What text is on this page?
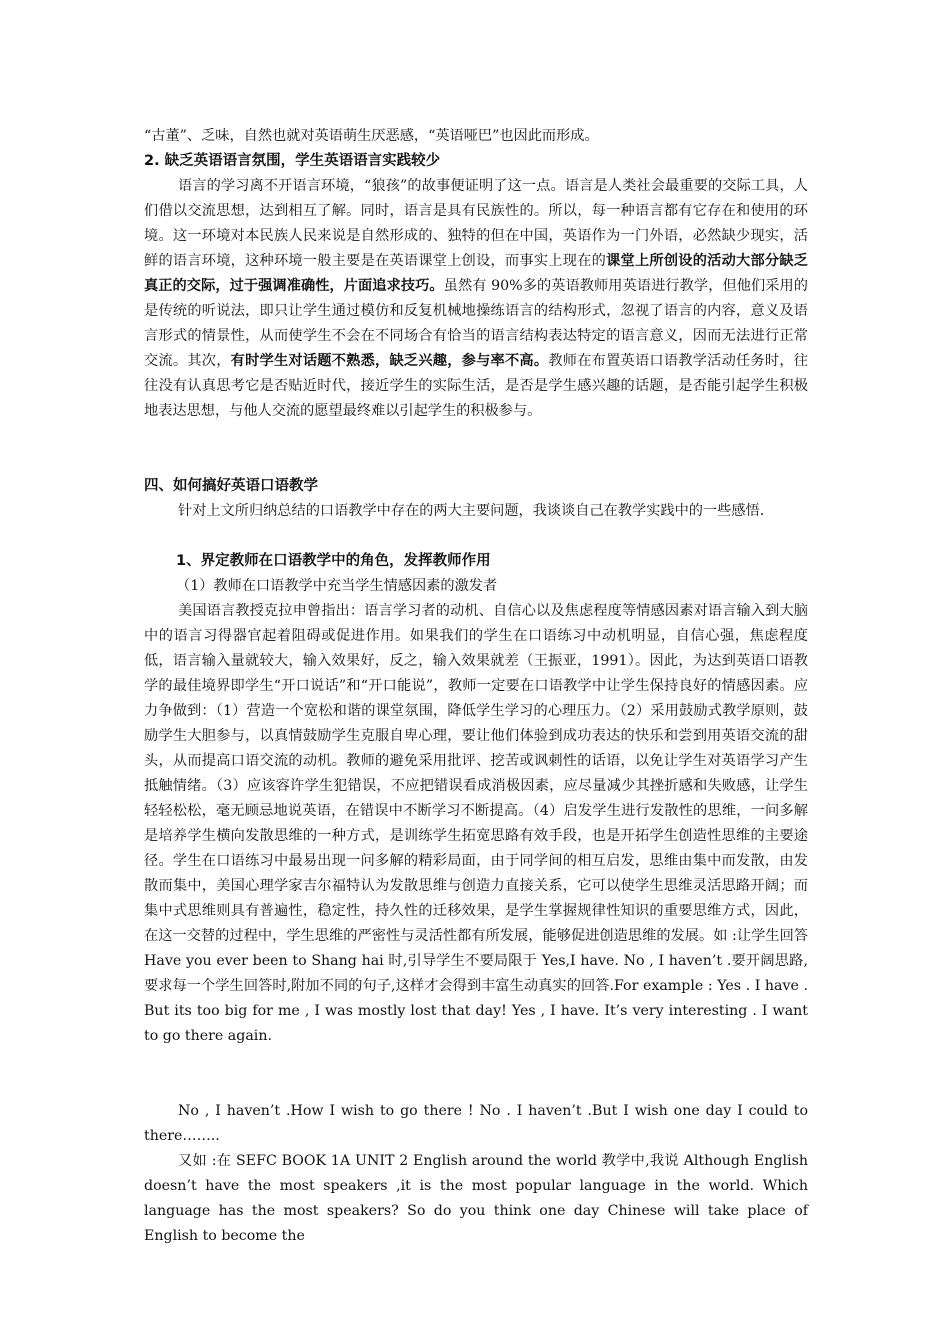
“古董”、乏味，自然也就对英语萌生厌恶感，“英语哑巴”也因此而形成。

2. 缺乏英语语言氛围，学生英语语言实践较少

语言的学习离不开语言环境，“狼孩”的故事便证明了这一点。语言是人类社会最重要的交际工具，人们借以交流思想，达到相互了解。同时，语言是具有民族性的。所以，每一种语言都有它存在和使用的环境。这一环境对本民族人民来说是自然形成的、独特的但在中国，英语作为一门外语，必然缺少现实，活鲜的语言环境，这种环境一般主要是在英语课堂上创设，而事实上现在的课堂上所创设的活动大部分缺乏真正的交际，过于强调准确性，片面追求技巧。虽然有 90%多的英语教师用英语进行教学，但他们采用的是传统的听说法，即只让学生通过模仿和反复机械地操练语言的结构形式，忽视了语言的内容，意义及语言形式的情景性，从而使学生不会在不同场合有恰当的语言结构表达特定的语言意义，因而无法进行正常交流。其次，有时学生对话题不熟悉，缺乏兴趣，参与率不高。教师在布置英语口语教学活动任务时，往往没有认真思考它是否贴近时代，接近学生的实际生活，是否是学生感兴趣的话题，是否能引起学生积极地表达思想，与他人交流的愿望最终难以引起学生的积极参与。

四、如何搞好英语口语教学

针对上文所归纳总结的口语教学中存在的两大主要问题，我谈谈自己在教学实践中的一些感悟.

1、界定教师在口语教学中的角色，发挥教师作用

（1）教师在口语教学中充当学生情感因素的激发者

美国语言教授克拉申曾指出：语言学习者的动机、自信心以及焦虑程度等情感因素对语言输入到大脑中的语言习得器官起着阻碍或促进作用。如果我们的学生在口语练习中动机明显，自信心强，焦虑程度低，语言输入量就较大，输入效果好，反之，输入效果就差（王振亚，1991）。因此，为达到英语口语教学的最佳境界即学生“开口说话”和“开口能说”，教师一定要在口语教学中让学生保持良好的情感因素。应力争做到：（1）营造一个宽松和谐的课堂氛围，降低学生学习的心理压力。（2）采用鼓励式教学原则，鼓励学生大胆参与，以真情鼓励学生克服自卑心理，要让他们体验到成功表达的快乐和尝到用英语交流的甜头，从而提高口语交流的动机。教师的避免采用批评、挖苦或讽刺性的话语，以免让学生对英语学习产生抵触情绪。（3）应该容许学生犯错误，不应把错误看成消极因素，应尽量减少其挫折感和失败感，让学生轻轻松松，毫无顾忌地说英语，在错误中不断学习不断提高。（4）启发学生进行发散性的思维，一问多解是培养学生横向发散思维的一种方式，是训练学生拓宽思路有效手段，也是开拓学生创造性思维的主要途径。学生在口语练习中最易出现一问多解的精彩局面，由于同学间的相互启发，思维由集中而发散，由发散而集中，美国心理学家吉尔福特认为发散思维与创造力直接关系，它可以使学生思维灵活思路开阔；而集中式思维则具有普遍性，稳定性，持久性的迁移效果，是学生掌握规律性知识的重要思维方式，因此，在这一交替的过程中，学生思维的严密性与灵活性都有所发展，能够促进创造思维的发展。如 :让学生回答 Have you ever been to Shang hai 时,引导学生不要局限于 Yes,I have. No , I haven’t .要开阔思路,要求每一个学生回答时,附加不同的句子,这样才会得到丰富生动真实的回答.For example : Yes . I have . But its too big for me , I was mostly lost that day! Yes , I have. It’s very interesting . I want to go there again.

No , I haven’t .How I wish to go there ! No . I haven’t .But I wish one day I could to there……..

又如 :在 SEFC BOOK 1A UNIT 2 English around the world 教学中,我说 Although English doesn’t have the most speakers ,it is the most popular language in the world. Which language has the most speakers? So do you think one day Chinese will take place of English to become the
